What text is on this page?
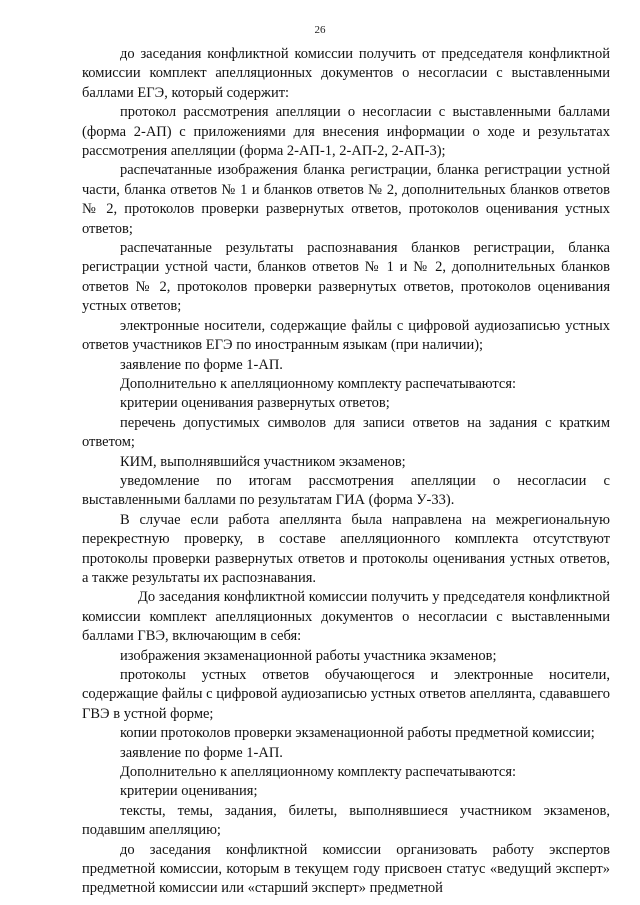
26

до заседания конфликтной комиссии получить от председателя конфликтной комиссии комплект апелляционных документов о несогласии с выставленными баллами ЕГЭ, который содержит:

протокол рассмотрения апелляции о несогласии с выставленными баллами (форма 2-АП) с приложениями для внесения информации о ходе и результатах рассмотрения апелляции (форма 2-АП-1, 2-АП-2, 2-АП-3);

распечатанные изображения бланка регистрации, бланка регистрации устной части, бланка ответов № 1 и бланков ответов № 2, дополнительных бланков ответов № 2, протоколов проверки развернутых ответов, протоколов оценивания устных ответов;

распечатанные результаты распознавания бланков регистрации, бланка регистрации устной части, бланков ответов № 1 и № 2, дополнительных бланков ответов № 2, протоколов проверки развернутых ответов, протоколов оценивания устных ответов;

электронные носители, содержащие файлы с цифровой аудиозаписью устных ответов участников ЕГЭ по иностранным языкам (при наличии);

заявление по форме 1-АП.

Дополнительно к апелляционному комплекту распечатываются:

критерии оценивания развернутых ответов;

перечень допустимых символов для записи ответов на задания с кратким ответом;

КИМ, выполнявшийся участником экзаменов;

уведомление по итогам рассмотрения апелляции о несогласии с выставленными баллами по результатам ГИА (форма У-33).

В случае если работа апеллянта была направлена на межрегиональную перекрестную проверку, в составе апелляционного комплекта отсутствуют протоколы проверки развернутых ответов и протоколы оценивания устных ответов, а также результаты их распознавания.

До заседания конфликтной комиссии получить у председателя конфликтной комиссии комплект апелляционных документов о несогласии с выставленными баллами ГВЭ, включающим в себя:

изображения экзаменационной работы участника экзаменов;

протоколы устных ответов обучающегося и электронные носители, содержащие файлы с цифровой аудиозаписью устных ответов апеллянта, сдававшего ГВЭ в устной форме;

копии протоколов проверки экзаменационной работы предметной комиссии;

заявление по форме 1-АП.

Дополнительно к апелляционному комплекту распечатываются:

критерии оценивания;

тексты, темы, задания, билеты, выполнявшиеся участником экзаменов, подавшим апелляцию;

до заседания конфликтной комиссии организовать работу экспертов предметной комиссии, которым в текущем году присвоен статус «ведущий эксперт» предметной комиссии или «старший эксперт» предметной
